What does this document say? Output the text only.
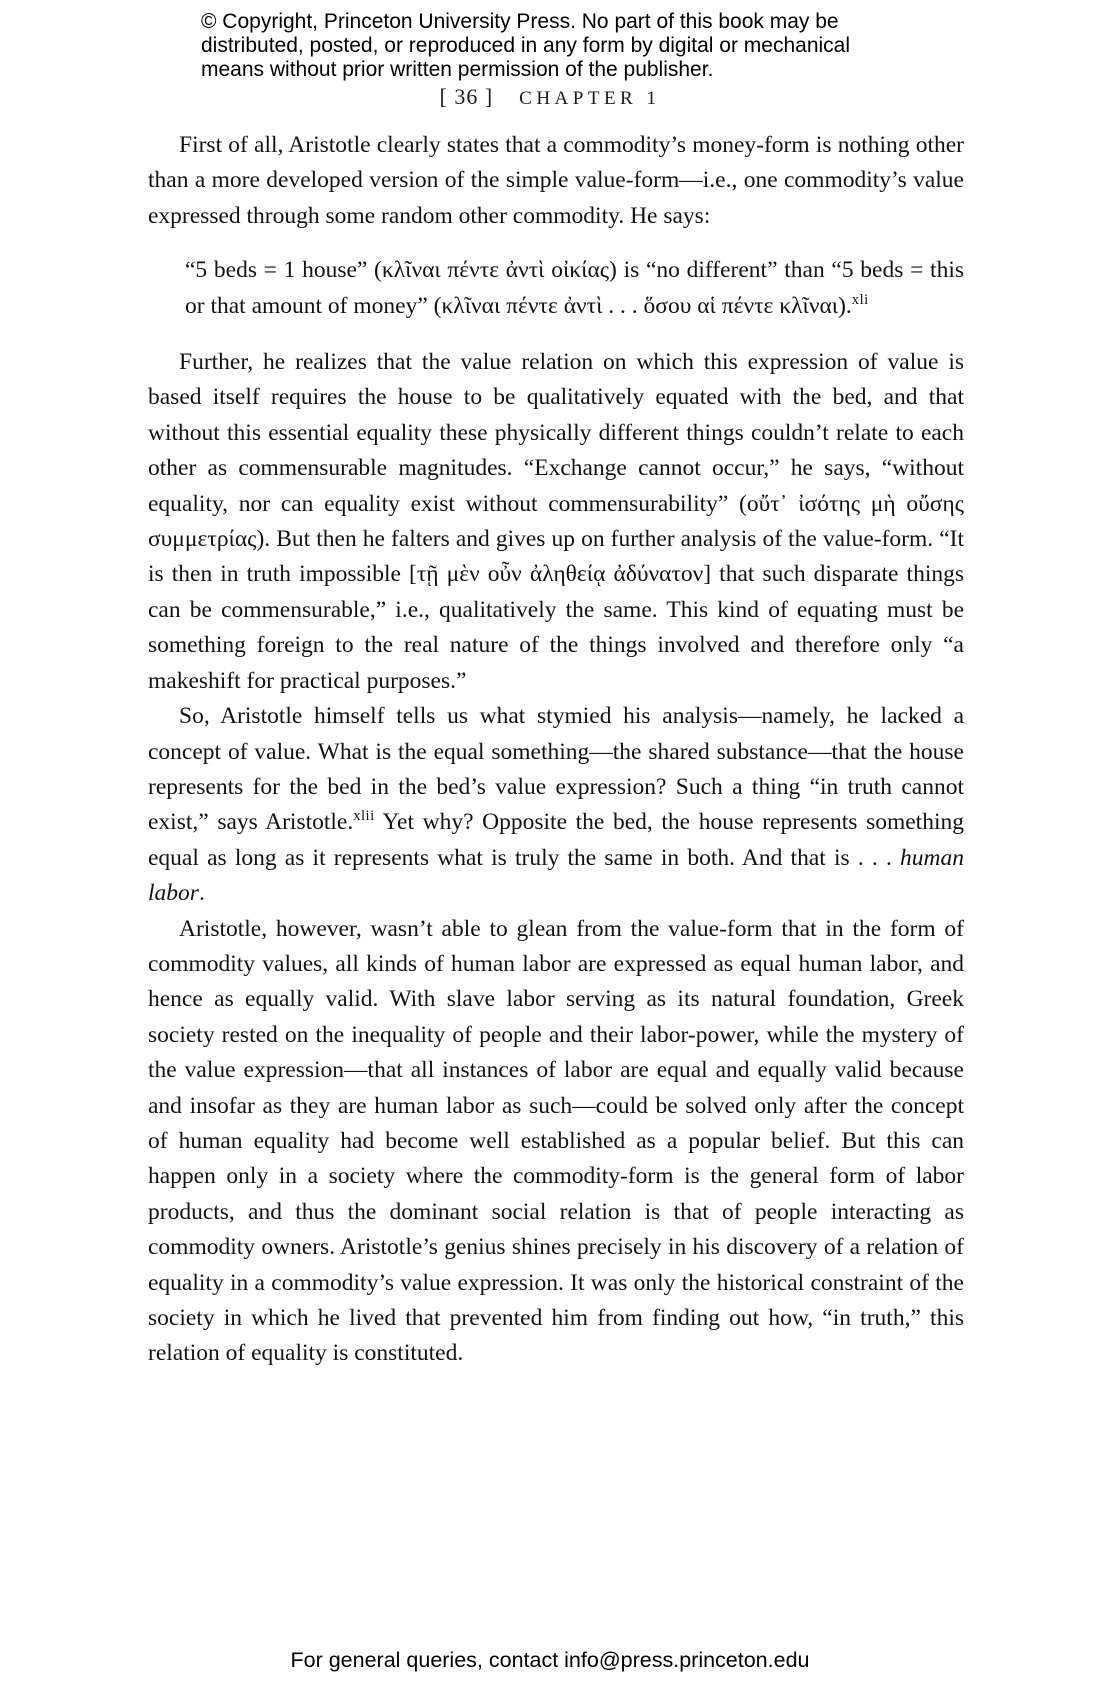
© Copyright, Princeton University Press. No part of this book may be
distributed, posted, or reproduced in any form by digital or mechanical
means without prior written permission of the publisher.
[ 36 ] CHAPTER 1

First of all, Aristotle clearly states that a commodity’s money-form is nothing other than a more developed version of the simple value-form—i.e., one commodity’s value expressed through some random other commodity. He says:

“5 beds = 1 house” (κλῖναι πέντε ἀντὶ οἰκίας) is “no different” than “5 beds = this or that amount of money” (κλῖναι πέντε ἀντὶ . . . ὅσου αἱ πέντε κλῖναι).$^{xli}$

Further, he realizes that the value relation on which this expression of value is based itself requires the house to be qualitatively equated with the bed, and that without this essential equality these physically different things couldn’t relate to each other as commensurable magnitudes. “Exchange cannot occur,” he says, “without equality, nor can equality exist without commensurability” (οὔτ᾽ ἰσότης μὴ οὔσης συμμετρίας). But then he falters and gives up on further analysis of the value-form. “It is then in truth impossible [τῇ μὲν οὖν ἀληθείᾳ ἀδύνατον] that such disparate things can be commensurable,” i.e., qualitatively the same. This kind of equating must be something foreign to the real nature of the things involved and therefore only “a makeshift for practical purposes.”

So, Aristotle himself tells us what stymied his analysis—namely, he lacked a concept of value. What is the equal something—the shared substance—that the house represents for the bed in the bed’s value expression? Such a thing “in truth cannot exist,” says Aristotle.$^{xlii}$ Yet why? Opposite the bed, the house represents something equal as long as it represents what is truly the same in both. And that is . . . human labor.

Aristotle, however, wasn’t able to glean from the value-form that in the form of commodity values, all kinds of human labor are expressed as equal human labor, and hence as equally valid. With slave labor serving as its natural foundation, Greek society rested on the inequality of people and their labor-power, while the mystery of the value expression—that all instances of labor are equal and equally valid because and insofar as they are human labor as such—could be solved only after the concept of human equality had become well established as a popular belief. But this can happen only in a society where the commodity-form is the general form of labor products, and thus the dominant social relation is that of people interacting as commodity owners. Aristotle’s genius shines precisely in his discovery of a relation of equality in a commodity’s value expression. It was only the historical constraint of the society in which he lived that prevented him from finding out how, “in truth,” this relation of equality is constituted.

For general queries, contact info@press.princeton.edu
